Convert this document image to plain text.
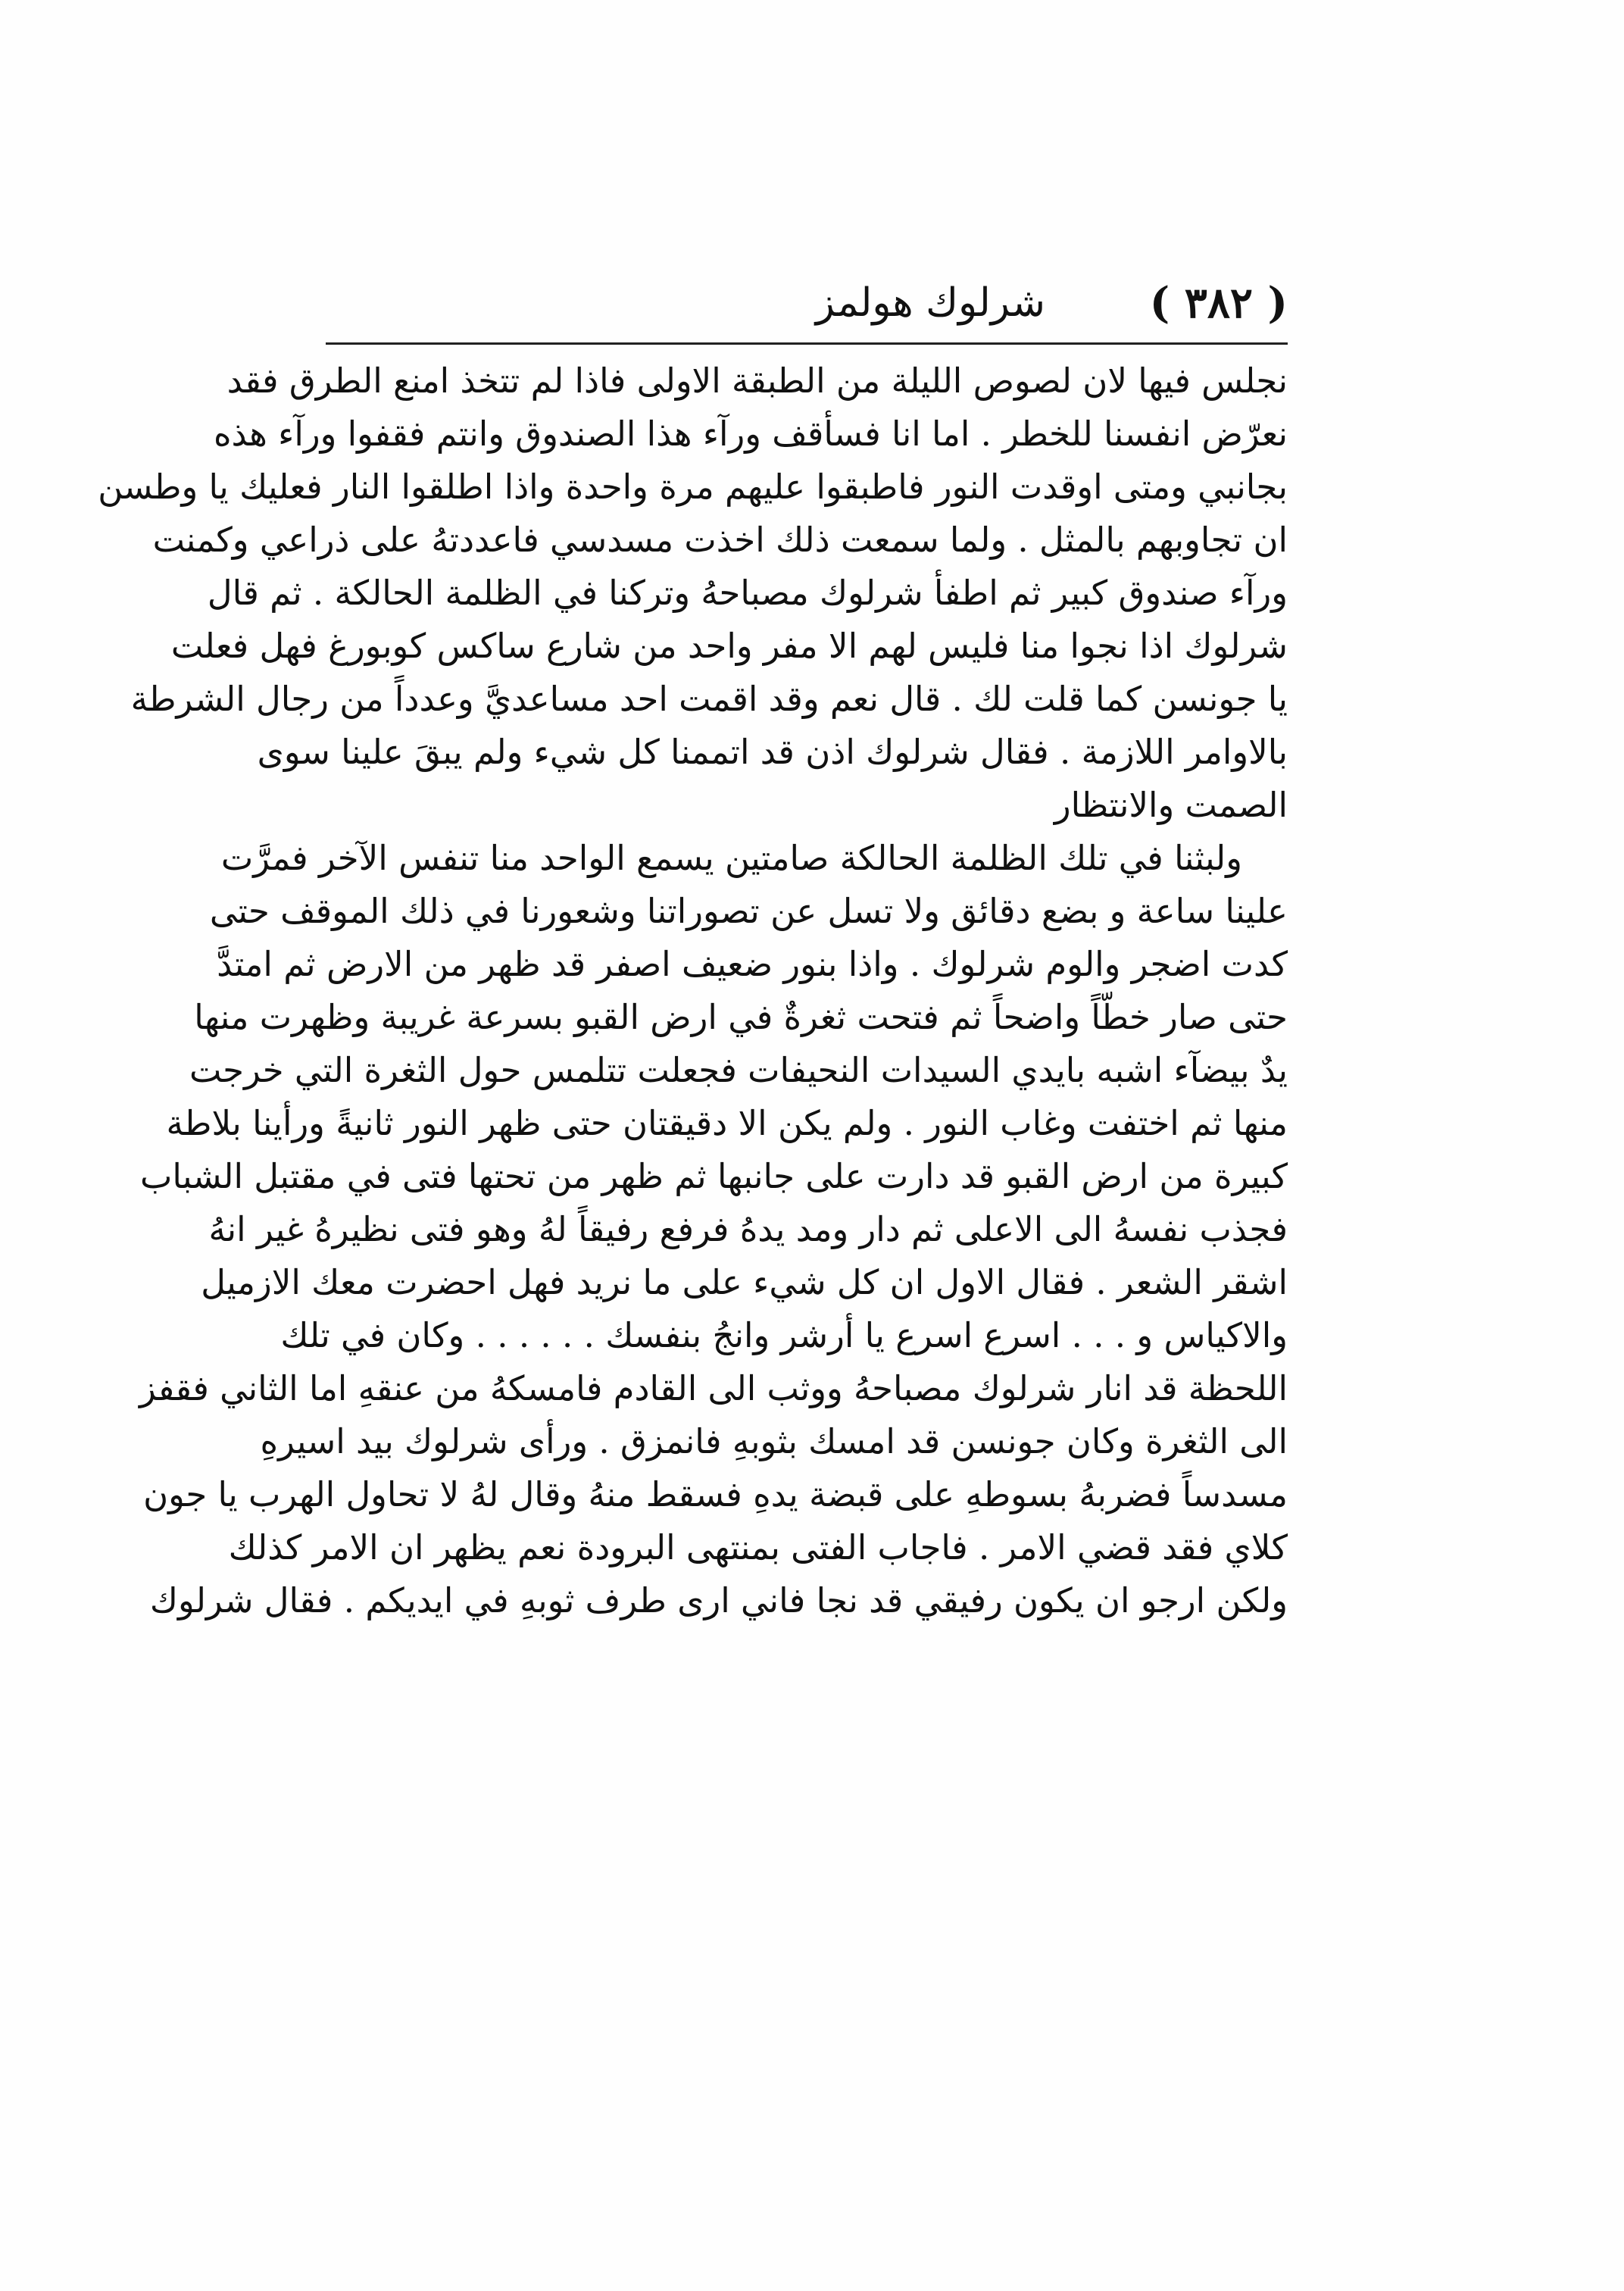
( ٣٨٢ )
شرلوك هولمز
نجلس فيها لان لصوص الليلة من الطبقة الاولى فاذا لم تتخذ امنع الطرق فقد
نعرّض انفسنا للخطر . اما انا فسأقف ورآء هذا الصندوق وانتم فقفوا ورآء هذه
بجانبي ومتى اوقدت النور فاطبقوا عليهم مرة واحدة واذا اطلقوا النار فعليك يا وطسن
ان تجاوبهم بالمثل . ولما سمعت ذلك اخذت مسدسي فاعددتهُ على ذراعي وكمنت
ورآء صندوق كبير ثم اطفأ شرلوك مصباحهُ وتركنا في الظلمة الحالكة . ثم قال
شرلوك اذا نجوا منا فليس لهم الا مفر واحد من شارع ساكس كوبورغ فهل فعلت
يا جونسن كما قلت لك . قال نعم وقد اقمت احد مساعديَّ وعدداً من رجال الشرطة
بالاوامر اللازمة . فقال شرلوك اذن قد اتممنا كل شيء ولم يبقَ علينا سوى
الصمت والانتظار
ولبثنا في تلك الظلمة الحالكة صامتين يسمع الواحد منا تنفس الآخر فمرَّت
علينا ساعة و بضع دقائق ولا تسل عن تصوراتنا وشعورنا في ذلك الموقف حتى
كدت اضجر والوم شرلوك . واذا بنور ضعيف اصفر قد ظهر من الارض ثم امتدَّ
حتى صار خطّاً واضحاً ثم فتحت ثغرةٌ في ارض القبو بسرعة غريبة وظهرت منها
يدٌ بيضآء اشبه بايدي السيدات النحيفات فجعلت تتلمس حول الثغرة التي خرجت
منها ثم اختفت وغاب النور . ولم يكن الا دقيقتان حتى ظهر النور ثانيةً ورأينا بلاطة
كبيرة من ارض القبو قد دارت على جانبها ثم ظهر من تحتها فتى في مقتبل الشباب
فجذب نفسهُ الى الاعلى ثم دار ومد يدهُ فرفع رفيقاً لهُ وهو فتى نظيرهُ غير انهُ
اشقر الشعر . فقال الاول ان كل شيء على ما نريد فهل احضرت معك الازميل
والاكياس و . . . اسرع اسرع يا أرشر وانجُ بنفسك . . . . . . وكان في تلك
اللحظة قد انار شرلوك مصباحهُ ووثب الى القادم فامسكهُ من عنقهِ اما الثاني فقفز
الى الثغرة وكان جونسن قد امسك بثوبهِ فانمزق . ورأى شرلوك بيد اسيرهِ
مسدساً فضربهُ بسوطهِ على قبضة يدهِ فسقط منهُ وقال لهُ لا تحاول الهرب يا جون
كلاي فقد قضي الامر . فاجاب الفتى بمنتهى البرودة نعم يظهر ان الامر كذلك
ولكن ارجو ان يكون رفيقي قد نجا فاني ارى طرف ثوبهِ في ايديكم . فقال شرلوك
